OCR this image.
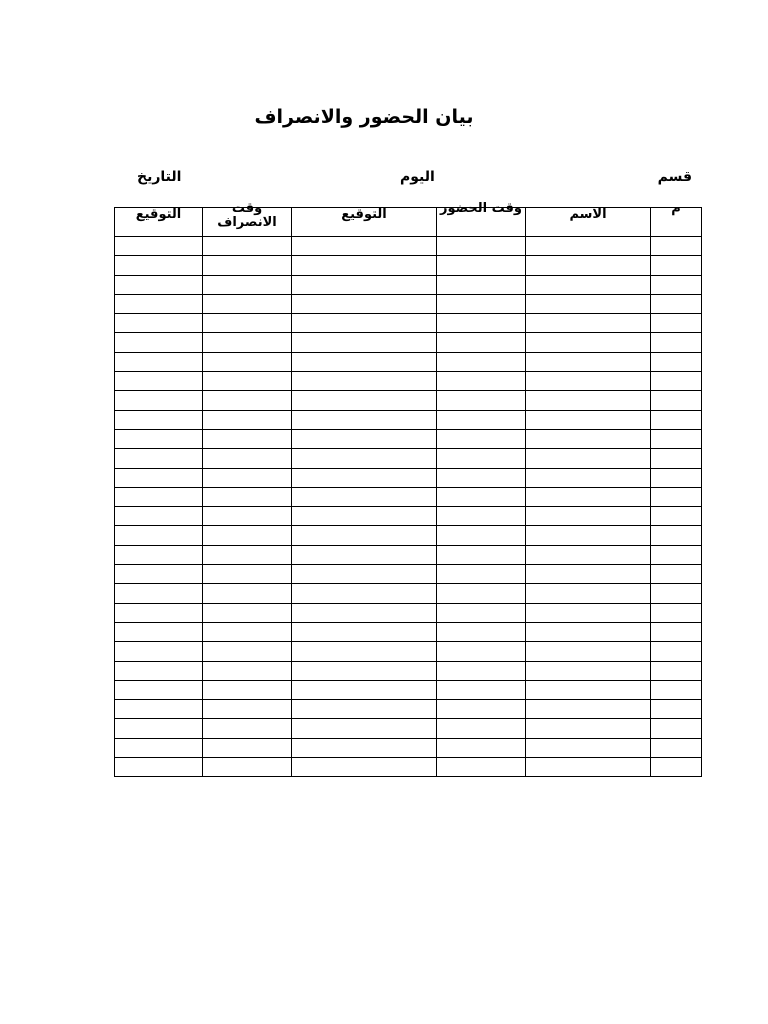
بيان الحضور والانصراف
قسم
اليوم
التاريخ
م	الاسم	وقت الحضور	التوقيع	وقت الانصراف	التوقيع
